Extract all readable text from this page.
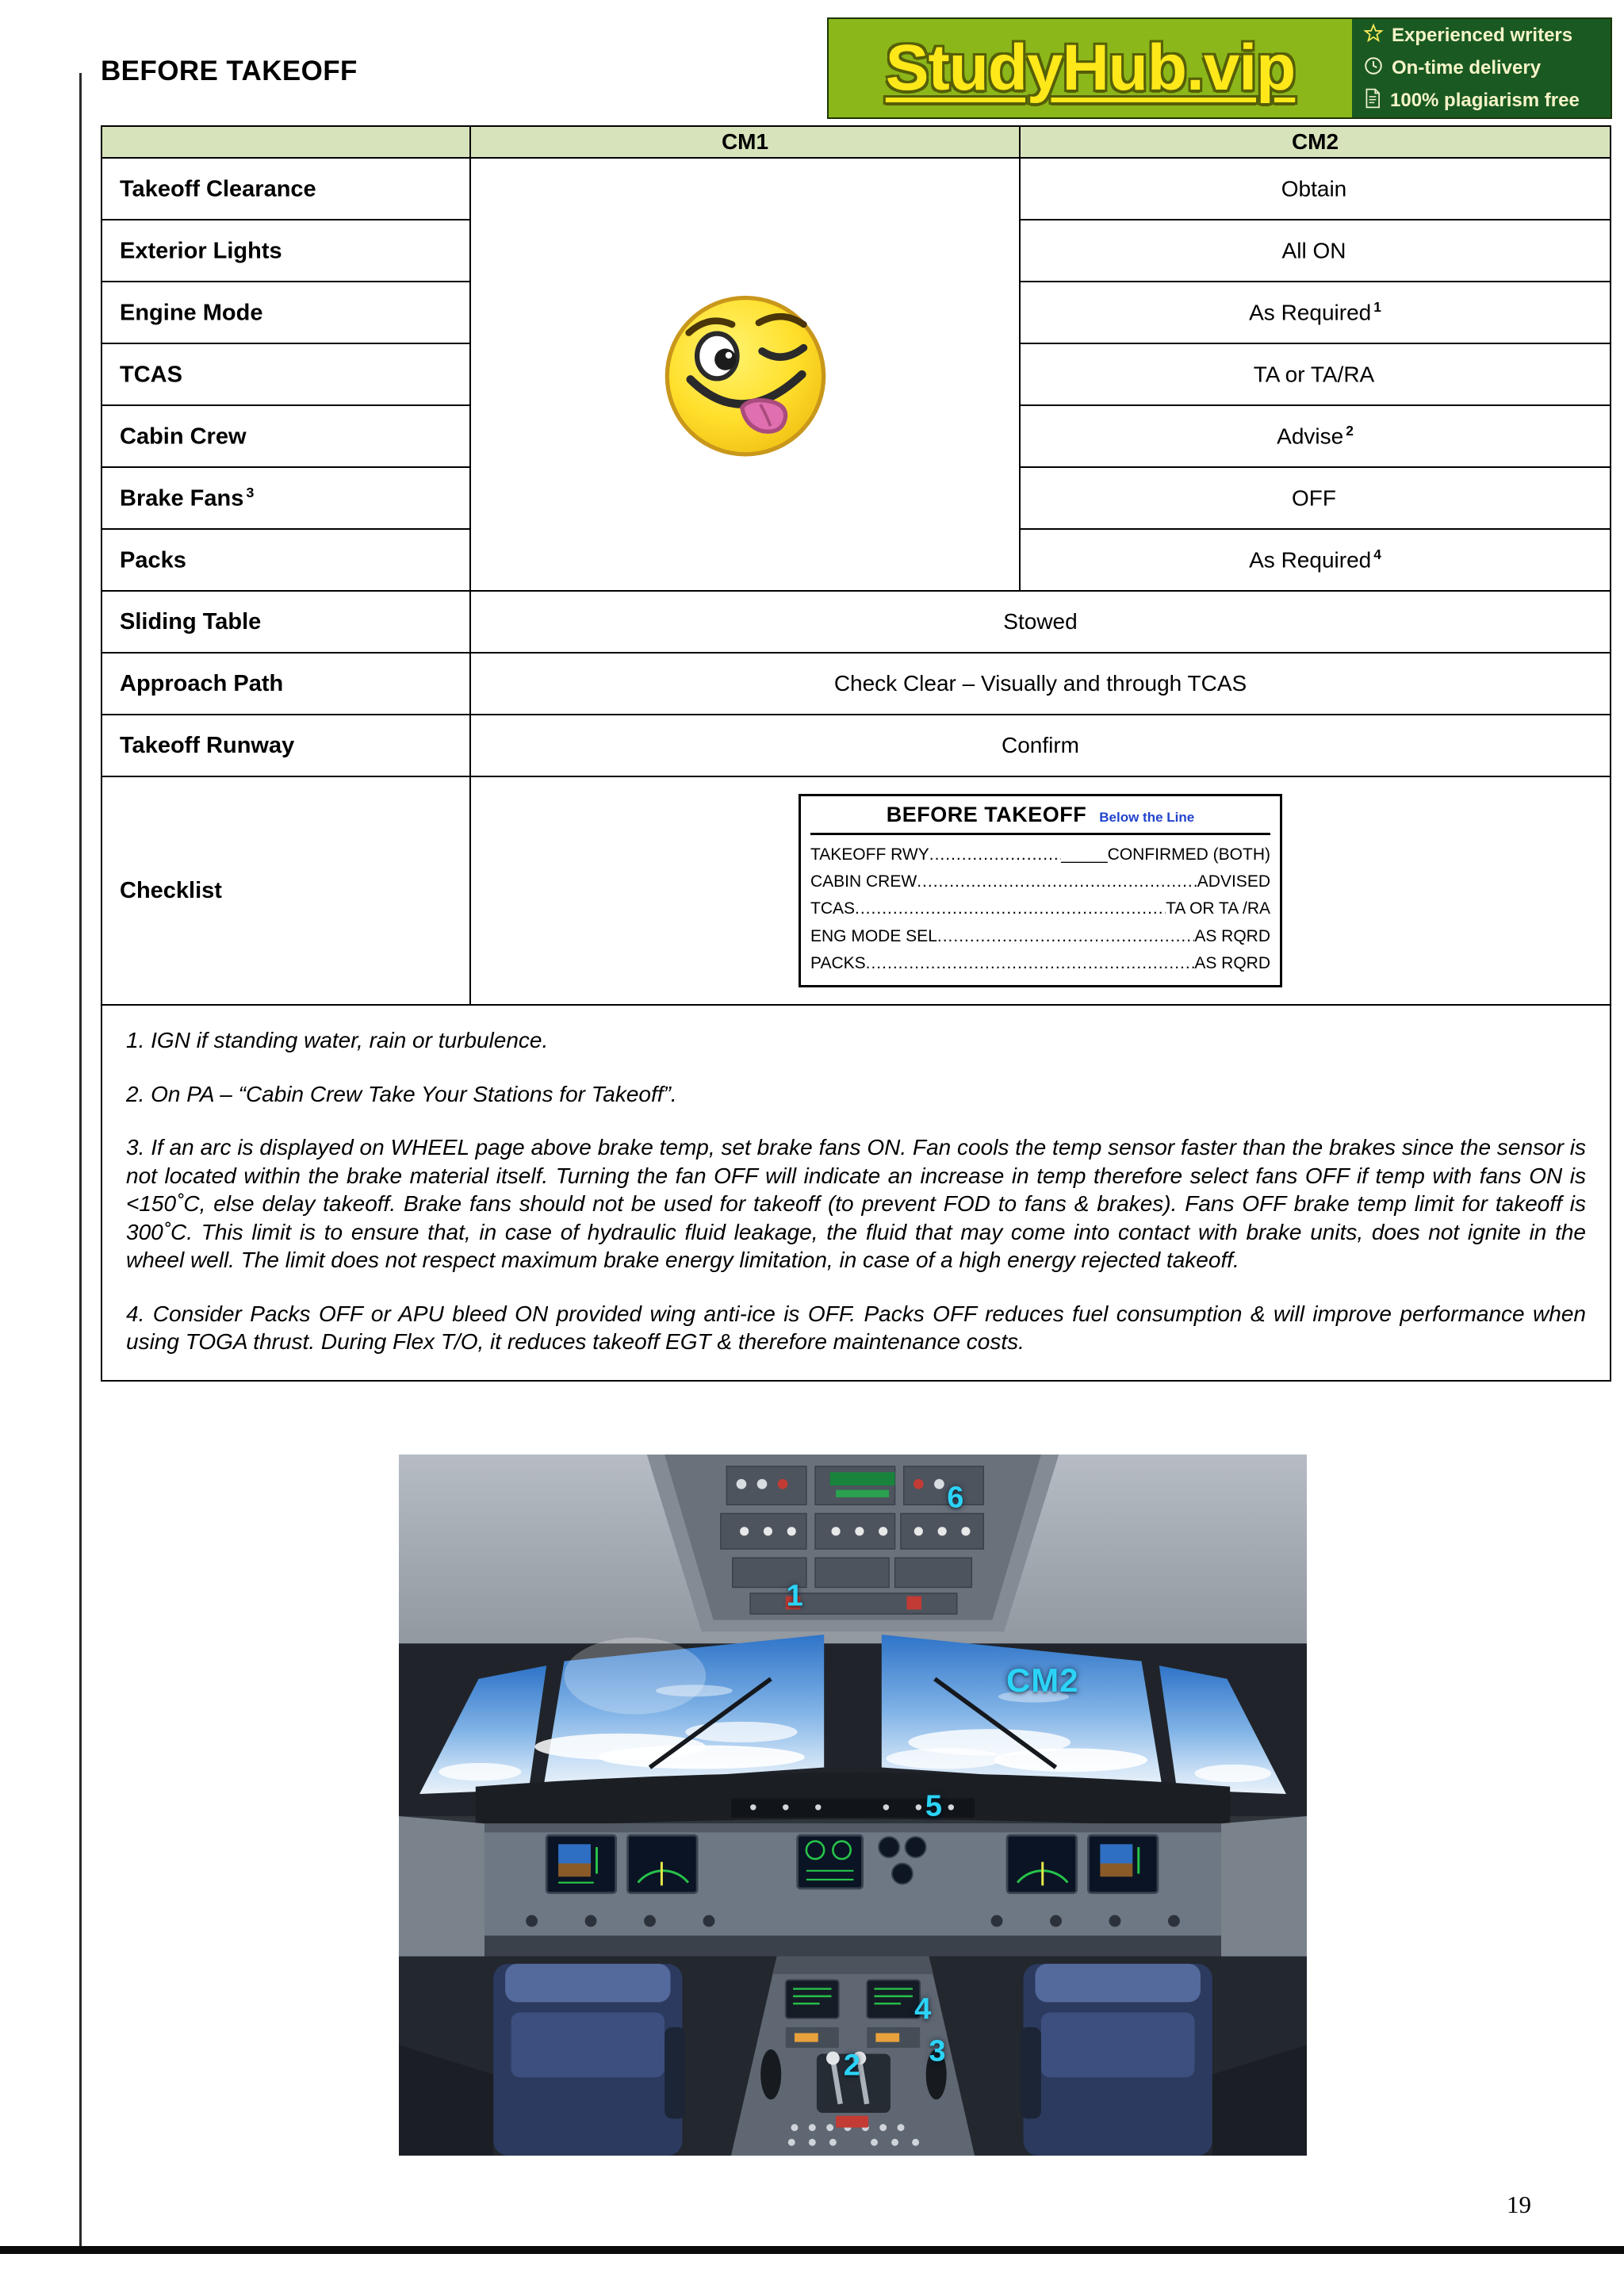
BEFORE TAKEOFF	StudyHub.vip	Experienced writers
On-time delivery
100% plagiarism free
	CM1	CM2
Takeoff Clearance		Obtain
Exterior Lights		All ON
Engine Mode		As Required $^1$
TCAS		TA or TA/RA
Cabin Crew		Advise $^2$
Brake Fans $^3$		OFF
Packs		As Required $^4$
Sliding Table	Stowed	
Approach Path	Check Clear – Visually and through TCAS	
Takeoff Runway	Confirm	
Checklist	
BEFORE TAKEOFF Below the Line
TAKEOFF RWY .....	_____CONFIRMED (BOTH)
CABIN CREW .....	ADVISED
TCAS .....	TA OR TA /RA
ENG MODE SEL .....	AS RQRD
PACKS .....	AS RQRD

1. IGN if standing water, rain or turbulence.
2. On PA – “Cabin Crew Take Your Stations for Takeoff”.
3. If an arc is displayed on WHEEL page above brake temp, set brake fans ON. Fan cools the temp sensor faster than the brakes since the sensor is not located within the brake material itself. Turning the fan OFF will indicate an increase in temp therefore select fans OFF if temp with fans ON is <150˚C, else delay takeoff. Brake fans should not be used for takeoff (to prevent FOD to fans & brakes). Fans OFF brake temp limit for takeoff is 300˚C. This limit is to ensure that, in case of hydraulic fluid leakage, the fluid that may come into contact with brake units, does not ignite in the wheel well. The limit does not respect maximum brake energy limitation, in case of a high energy rejected takeoff.
4. Consider Packs OFF or APU bleed ON provided wing anti-ice is OFF. Packs OFF reduces fuel consumption & will improve performance when using TOGA thrust. During Flex T/O, it reduces takeoff EGT & therefore maintenance costs.		
6
1
CM2
5
4
3
2
19
